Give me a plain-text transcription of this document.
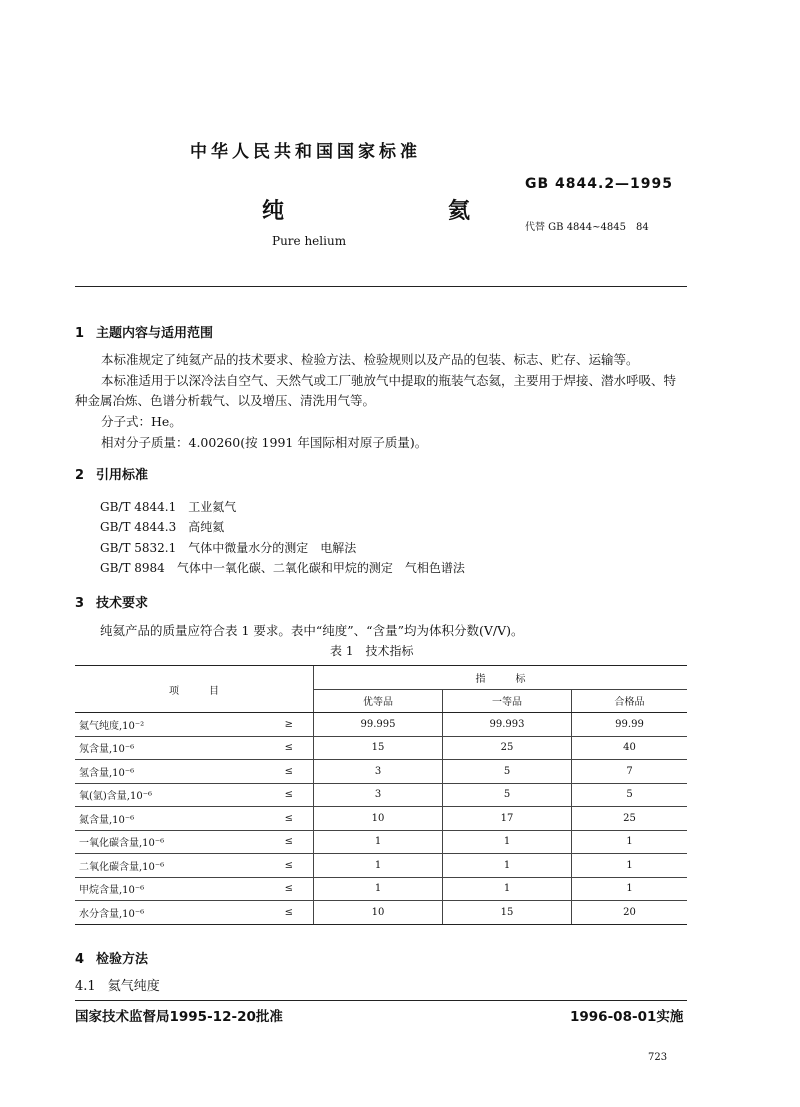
中华人民共和国国家标准
GB 4844.2—1995
纯　　氦
代替 GB 4844~4845　84
Pure helium
1 主题内容与适用范围
本标准规定了纯氦产品的技术要求、检验方法、检验规则以及产品的包装、标志、贮存、运输等。
本标准适用于以深冷法自空气、天然气或工厂驰放气中提取的瓶装气态氦，主要用于焊接、潜水呼吸、特种金属冶炼、色谱分析载气、以及增压、清洗用气等。
分子式：He。
相对分子质量：4.00260(按 1991 年国际相对原子质量)。
2 引用标准
GB/T 4844.1 工业氦气
GB/T 4844.3 高纯氦
GB/T 5832.1 气体中微量水分的测定　电解法
GB/T 8984 气体中一氧化碳、二氧化碳和甲烷的测定　气相色谱法
3 技术要求
纯氦产品的质量应符合表 1 要求。表中“纯度”、“含量”均为体积分数(V/V)。
表 1　技术指标
项　　　目		指　　　标		
		优等品	一等品	合格品
氦气纯度,10⁻²	≥	99.995	99.993	99.99
氖含量,10⁻⁶	≤	15	25	40
氢含量,10⁻⁶	≤	3	5	7
氧(氩)含量,10⁻⁶	≤	3	5	5
氮含量,10⁻⁶	≤	10	17	25
一氧化碳含量,10⁻⁶	≤	1	1	1
二氧化碳含量,10⁻⁶	≤	1	1	1
甲烷含量,10⁻⁶	≤	1	1	1
水分含量,10⁻⁶	≤	10	15	20
4 检验方法
4.1 氦气纯度
国家技术监督局1995-12-20批准	1996-08-01实施
723
